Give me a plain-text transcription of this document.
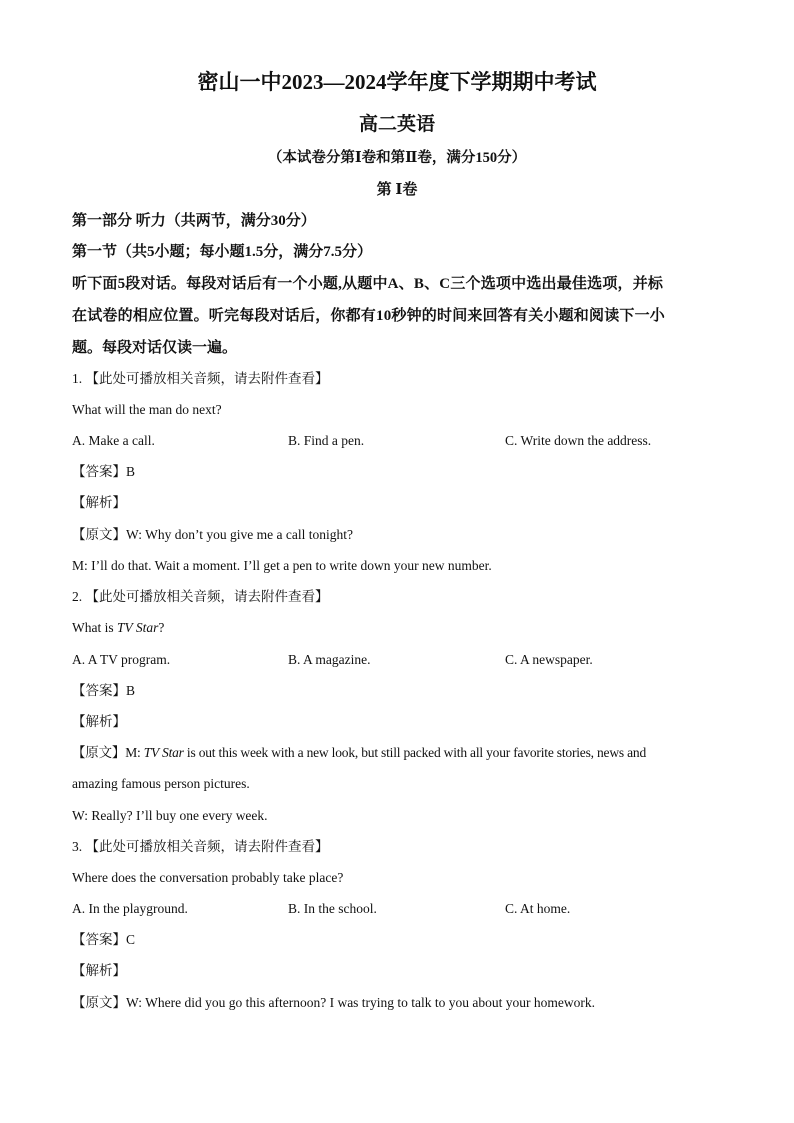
密山一中2023—2024学年度下学期期中考试
高二英语
（本试卷分第Ⅰ卷和第Ⅱ卷，满分150分）
第 Ⅰ卷
第一部分 听力（共两节，满分30分）
第一节（共5小题；每小题1.5分，满分7.5分）
听下面5段对话。每段对话后有一个小题,从题中A、B、C三个选项中选出最佳选项，并标
在试卷的相应位置。听完每段对话后，你都有10秒钟的时间来回答有关小题和阅读下一小
题。每段对话仅读一遍。
1. 【此处可播放相关音频，请去附件查看】
What will the man do next?
A. Make a call.	B. Find a pen.	C. Write down the address.
【答案】B
【解析】
【原文】W: Why don’t you give me a call tonight?
M: I’ll do that. Wait a moment. I’ll get a pen to write down your new number.
2. 【此处可播放相关音频，请去附件查看】
What is TV Star?
A. A TV program.	B. A magazine.	C. A newspaper.
【答案】B
【解析】
【原文】M: TV Star is out this week with a new look, but still packed with all your favorite stories, news and
amazing famous person pictures.
W: Really? I’ll buy one every week.
3. 【此处可播放相关音频，请去附件查看】
Where does the conversation probably take place?
A. In the playground.	B. In the school.	C. At home.
【答案】C
【解析】
【原文】W: Where did you go this afternoon? I was trying to talk to you about your homework.
